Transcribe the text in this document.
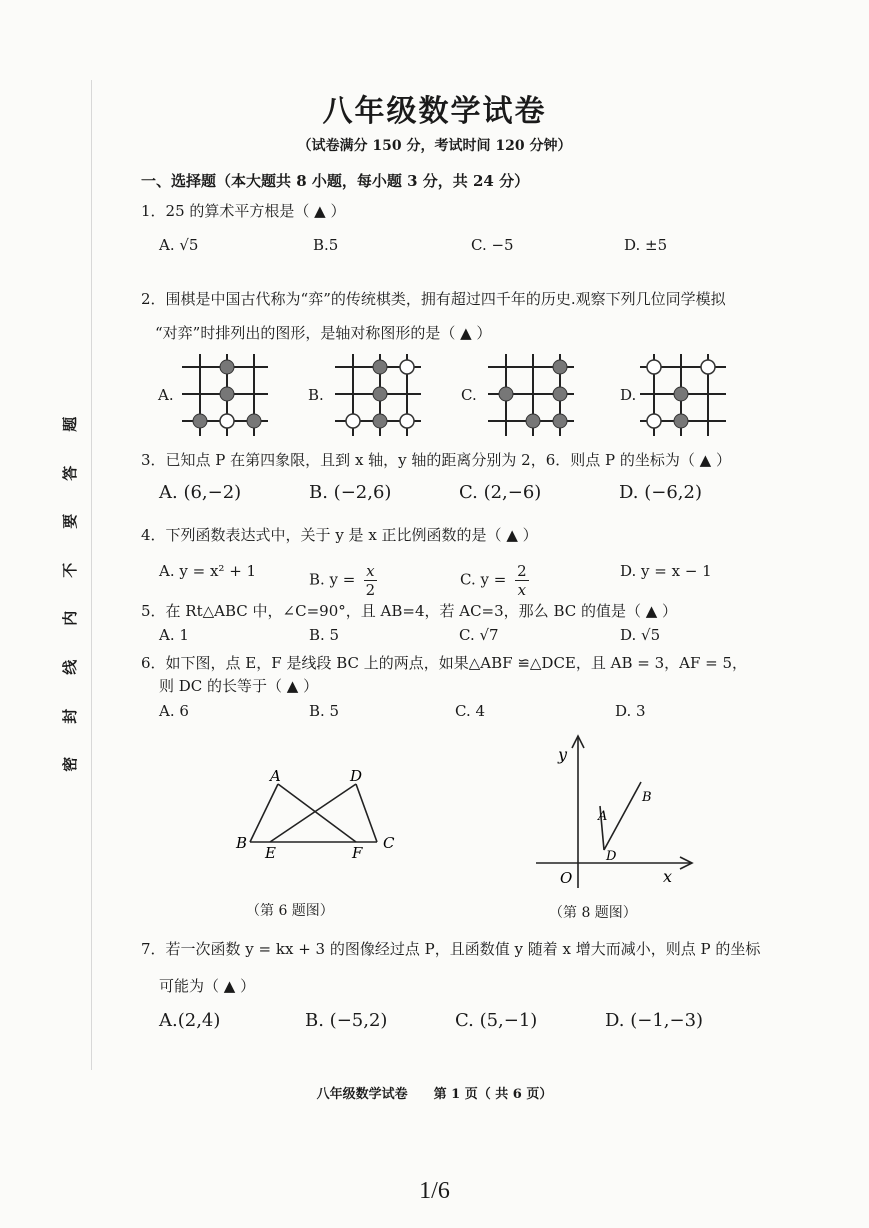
题
答
要
不
内
线
封
密
八年级数学试卷
（试卷满分 150 分，考试时间 120 分钟）
一、选择题（本大题共 8 小题，每小题 3 分，共 24 分）
1．25 的算术平方根是（ ▲ ）
A. √5	B.5	C. −5	D. ±5
2．围棋是中国古代称为“弈”的传统棋类，拥有超过四千年的历史.观察下列几位同学模拟
“对弈”时排列出的图形，是轴对称图形的是（ ▲ ）
A.	B.	C.	D.
3．已知点 P 在第四象限，且到 x 轴，y 轴的距离分别为 2，6．则点 P 的坐标为（ ▲ ）
A. (6,−2)	B. (−2,6)	C. (2,−6)	D. (−6,2)
4．下列函数表达式中，关于 y 是 x 正比例函数的是（ ▲ ）
A. y = x² + 1	B. $y = \frac{x}{2}$	C. $y = \frac{2}{x}$	D. y = x − 1
5．在 Rt△ABC 中，∠C=90°，且 AB=4，若 AC=3，那么 BC 的值是（ ▲ ）
A. 1	B. 5	C. √7	D. √5
6．如下图，点 E，F 是线段 BC 上的两点，如果△ABF ≌△DCE，且 AB = 3，AF = 5，
则 DC 的长等于（ ▲ ）
A. 6	B. 5	C. 4	D. 3
A	D
B
E	F
C
（第 6 题图）
y
x
O
A
B
D
（第 8 题图）
7．若一次函数 y = kx + 3 的图像经过点 P，且函数值 y 随着 x 增大而减小，则点 P 的坐标
可能为（ ▲ ）
A.(2,4)	B. (−5,2)	C. (5,−1)	D. (−1,−3)
八年级数学试卷　　第 1 页（ 共 6 页）
1/6
